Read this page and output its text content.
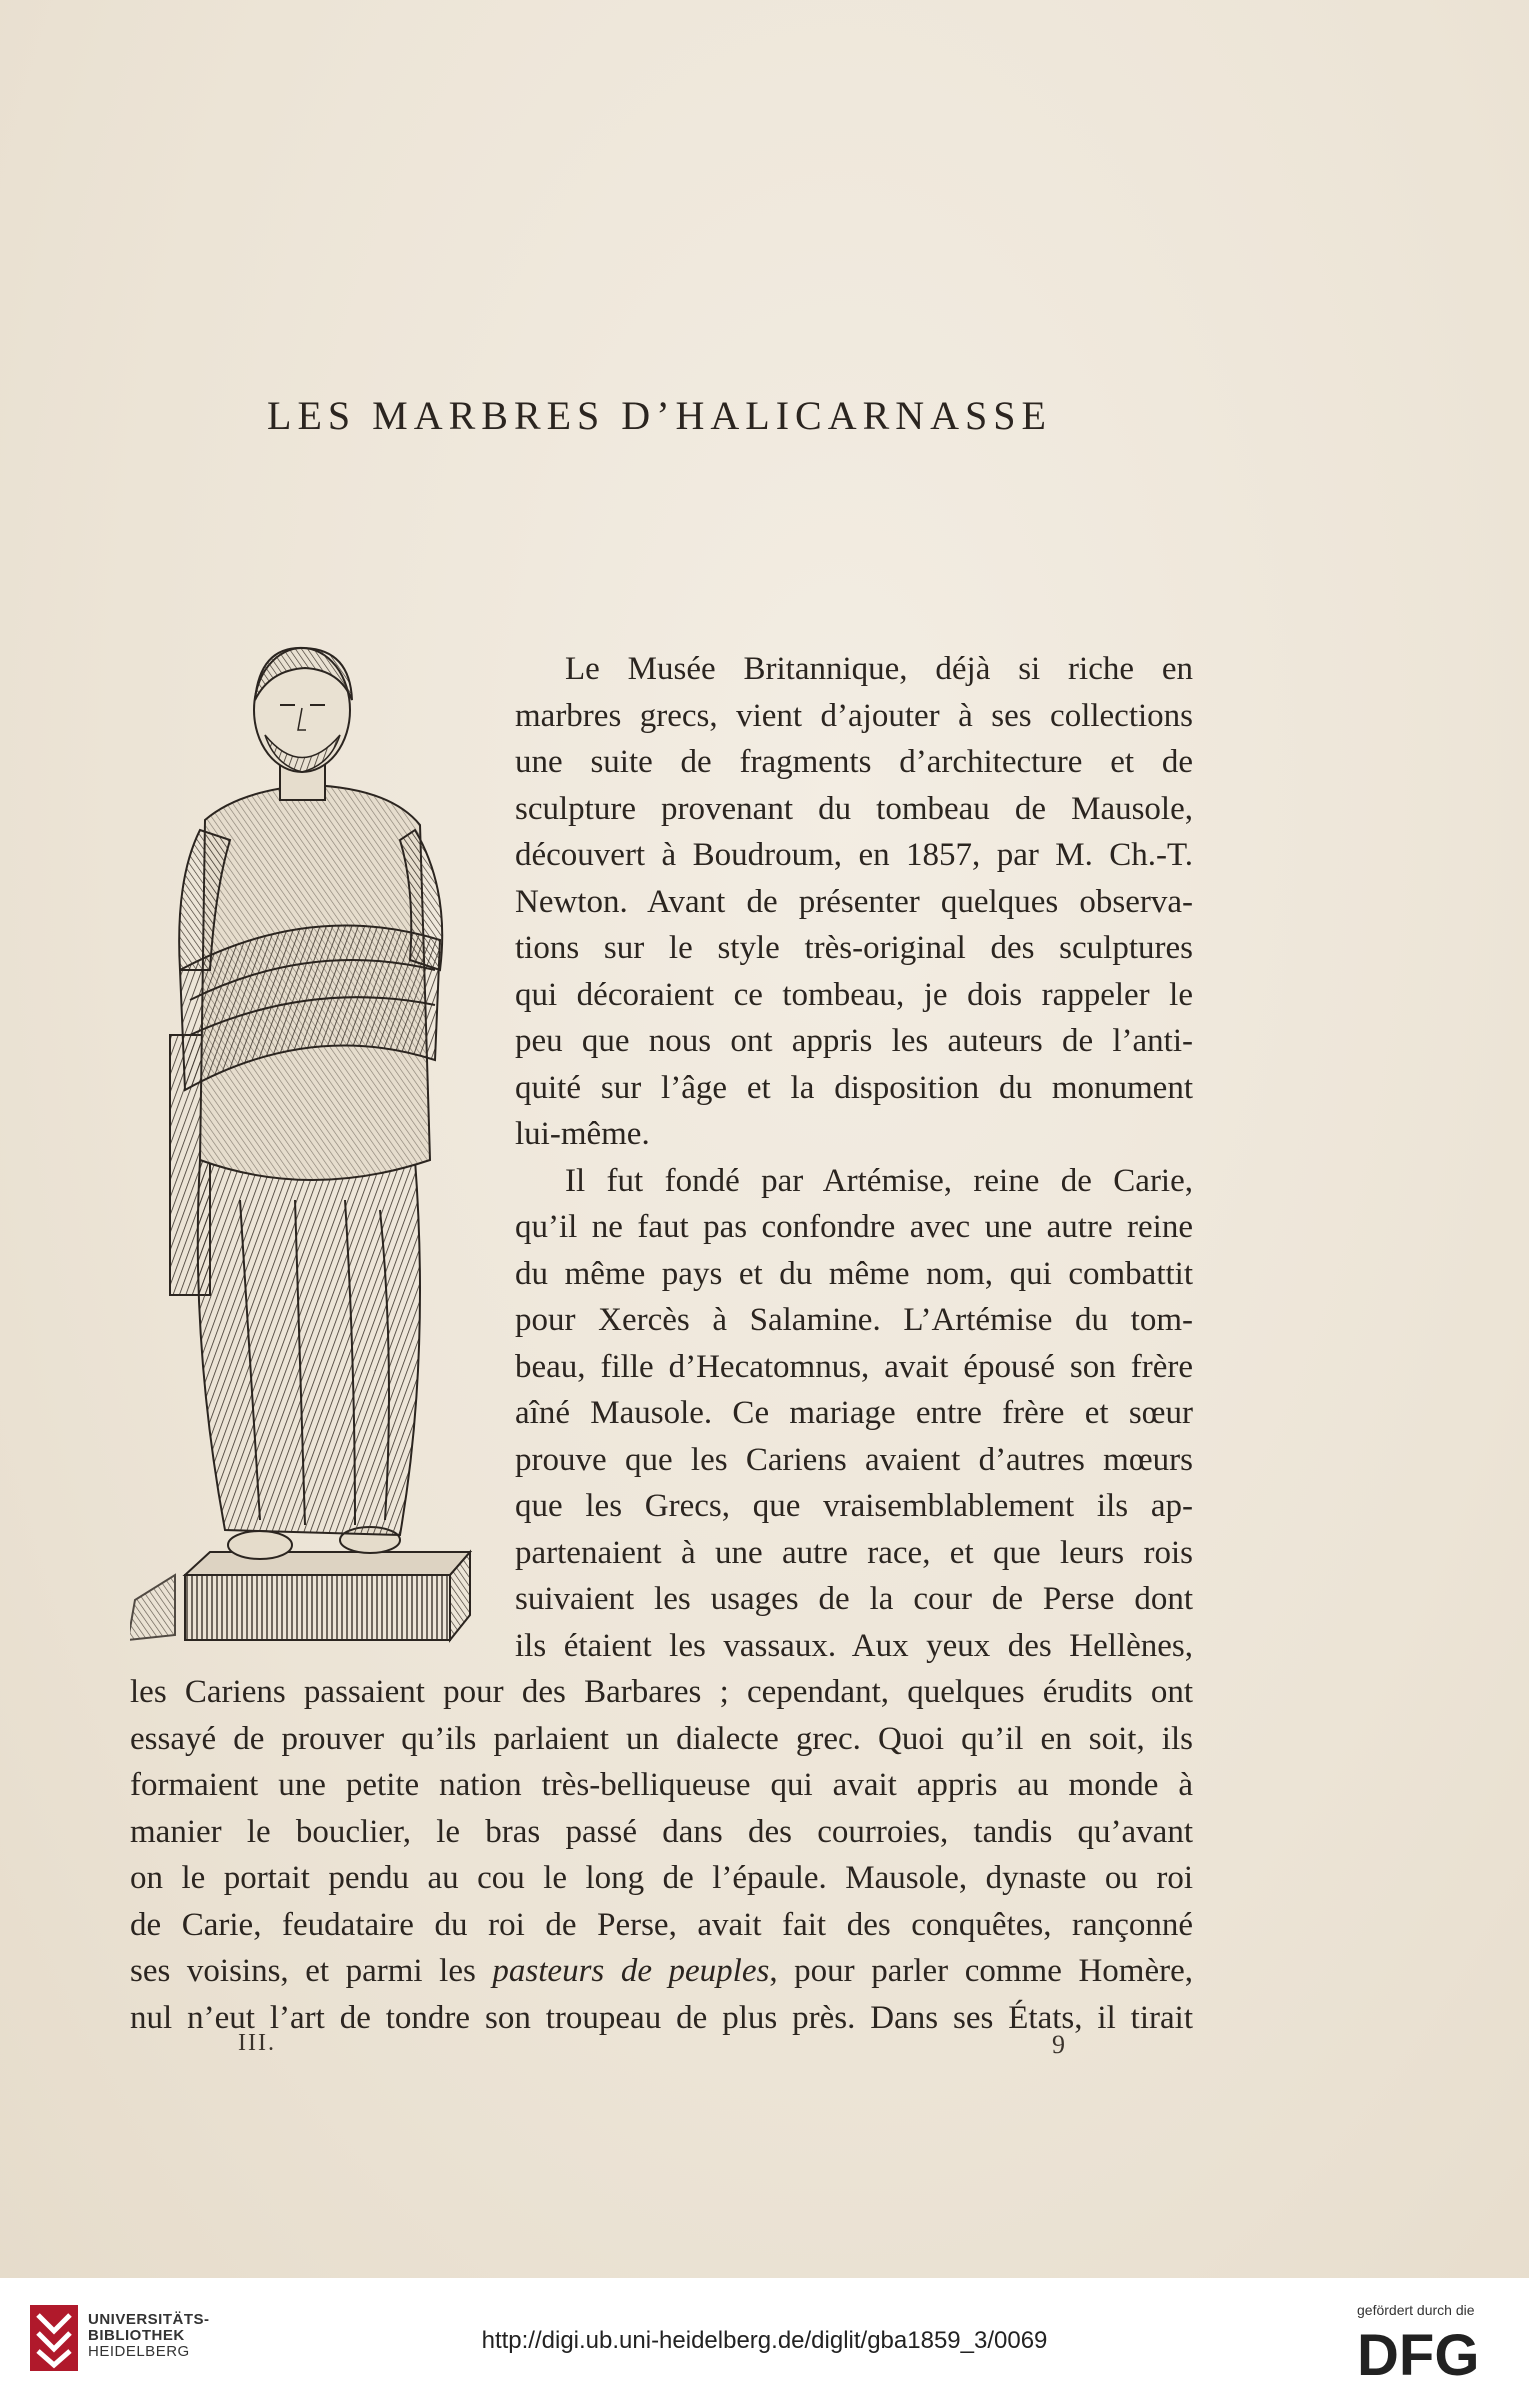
LES MARBRES D’HALICARNASSE
Le Musée Britannique, déjà si riche en
marbres grecs, vient d’ajouter à ses collections
une suite de fragments d’architecture et de
sculpture provenant du tombeau de Mausole,
découvert à Boudroum, en 1857, par M. Ch.-T.
Newton. Avant de présenter quelques observa-
tions sur le style très-original des sculptures
qui décoraient ce tombeau, je dois rappeler le
peu que nous ont appris les auteurs de l’anti-
quité sur l’âge et la disposition du monument
lui-même.
Il fut fondé par Artémise, reine de Carie,
qu’il ne faut pas confondre avec une autre reine
du même pays et du même nom, qui combattit
pour Xercès à Salamine. L’Artémise du tom-
beau, fille d’Hecatomnus, avait épousé son frère
aîné Mausole. Ce mariage entre frère et sœur
prouve que les Cariens avaient d’autres mœurs
que les Grecs, que vraisemblablement ils ap-
partenaient à une autre race, et que leurs rois
suivaient les usages de la cour de Perse dont
ils étaient les vassaux. Aux yeux des Hellènes,
les Cariens passaient pour des Barbares ; cependant, quelques érudits ont
essayé de prouver qu’ils parlaient un dialecte grec. Quoi qu’il en soit, ils
formaient une petite nation très-belliqueuse qui avait appris au monde à
manier le bouclier, le bras passé dans des courroies, tandis qu’avant
on le portait pendu au cou le long de l’épaule. Mausole, dynaste ou roi
de Carie, feudataire du roi de Perse, avait fait des conquêtes, rançonné
ses voisins, et parmi les pasteurs de peuples, pour parler comme Homère,
nul n’eut l’art de tondre son troupeau de plus près. Dans ses États, il tirait
III.	9
UNIVERSITÄTS-
BIBLIOTHEK
HEIDELBERG	http://digi.ub.uni-heidelberg.de/diglit/gba1859_3/0069
gefördert durch die
DFG
